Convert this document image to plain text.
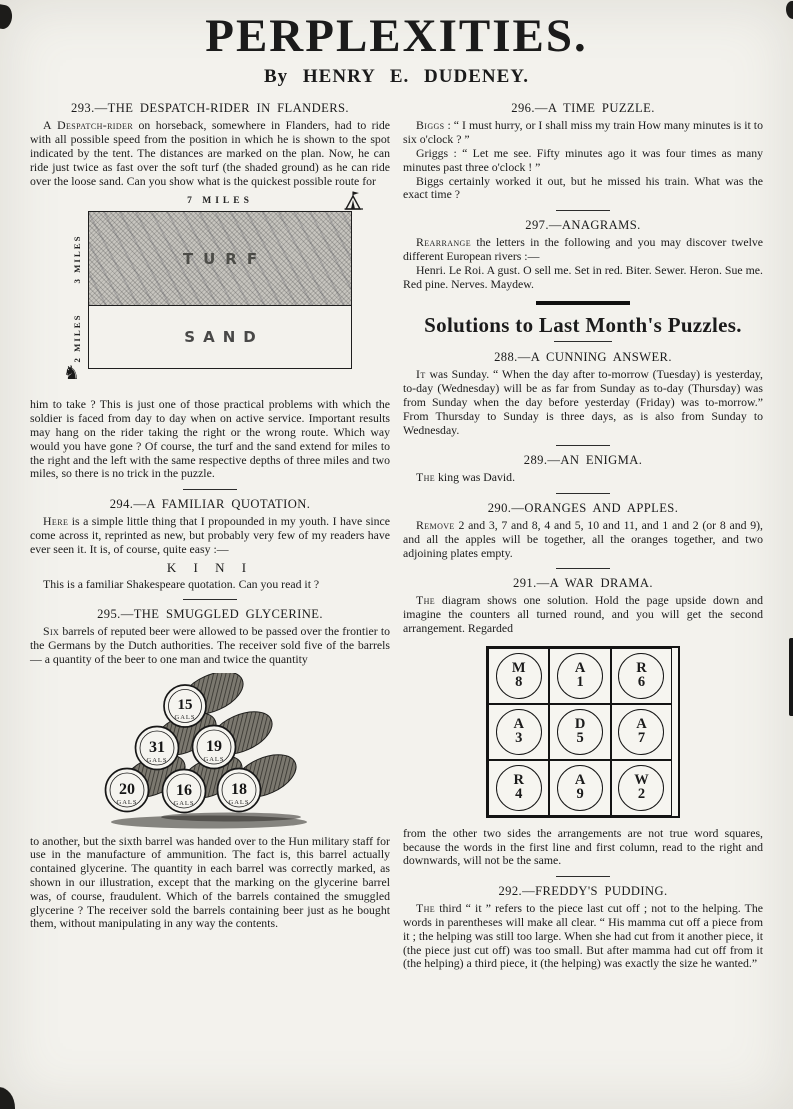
PERPLEXITIES.
By HENRY E. DUDENEY.
293.—THE DESPATCH-RIDER IN FLANDERS.

A Despatch-rider on horseback, somewhere in Flanders, had to ride with all possible speed from the position in which he is shown to the spot indicated by the tent. The distances are marked on the plan. Now, he can ride just twice as fast over the soft turf (the shaded ground) as he can ride over the loose sand. Can you show what is the quickest possible route for

7 MILES
TURF
SAND
3 MILES
2 MILES
♞

him to take ? This is just one of those practical problems with which the soldier is faced from day to day when on active service. Important results may hang on the rider taking the right or the wrong route. Which way would you have gone ? Of course, the turf and the sand extend for miles to the right and the left with the same respective depths of three miles and two miles, so there is no trick in the puzzle.

294.—A FAMILIAR QUOTATION.

Here is a simple little thing that I propounded in my youth. I have since come across it, reprinted as new, but probably very few of my readers have ever seen it. It is, of course, quite easy :—

K I N I

This is a familiar Shakespeare quotation. Can you read it ?

295.—THE SMUGGLED GLYCERINE.

Six barrels of reputed beer were allowed to be passed over the frontier to the Germans by the Dutch authorities. The receiver sold five of the barrels— a quantity of the beer to one man and twice the quantity

15
GALS
31
GALS
19
GALS
20
GALS
16
GALS
18
GALS

to another, but the sixth barrel was handed over to the Hun military staff for use in the manufacture of ammunition. The fact is, this barrel actually contained glycerine. The quantity in each barrel was correctly marked, as shown in our illustration, except that the marking on the glycerine barrel was, of course, fraudulent. Which of the barrels contained the smuggled glycerine ? The receiver sold the barrels containing beer just as he bought them, without manipulating in any way the contents.

296.—A TIME PUZZLE.

Biggs : “ I must hurry, or I shall miss my train How many minutes is it to six o'clock ? ”

Griggs : “ Let me see. Fifty minutes ago it was four times as many minutes past three o'clock ! ”

Biggs certainly worked it out, but he missed his train. What was the exact time ?

297.—ANAGRAMS.

Rearrange the letters in the following and you may discover twelve different European rivers :—

Henri. Le Roi. A gust. O sell me. Set in red. Biter. Sewer. Heron. Sue me. Red pine. Nerves. Maydew.

Solutions to Last Month's Puzzles.
288.—A CUNNING ANSWER.

It was Sunday. “ When the day after to-morrow (Tuesday) is yesterday, to-day (Wednesday) will be as far from Sunday as to-day (Thursday) was from Sunday when the day before yesterday (Friday) was to-morrow.” From Thursday to Sunday is three days, as is also from Sunday to Wednesday.

289.—AN ENIGMA.

The king was David.

290.—ORANGES AND APPLES.

Remove 2 and 3, 7 and 8, 4 and 5, 10 and 11, and 1 and 2 (or 8 and 9), and all the apples will be together, all the oranges together, and two adjoining plates empty.

291.—A WAR DRAMA.

The diagram shows one solution. Hold the page upside down and imagine the counters all turned round, and you will get the second arrangement. Regarded

M
8
A
1
R
6
A
3
D
5
A
7
R
4
A
9
W
2

from the other two sides the arrangements are not true word squares, because the words in the first line and first column, read to the right and downwards, will not be the same.

292.—FREDDY'S PUDDING.

The third “ it ” refers to the piece last cut off ; not to the helping. The words in parentheses will make all clear. “ His mamma cut off a piece from it ; the helping was still too large. When she had cut from it another piece, it (the piece just cut off) was too small. But after mamma had cut off from it (the helping) a third piece, it (the helping) was exactly the size he wanted.”
